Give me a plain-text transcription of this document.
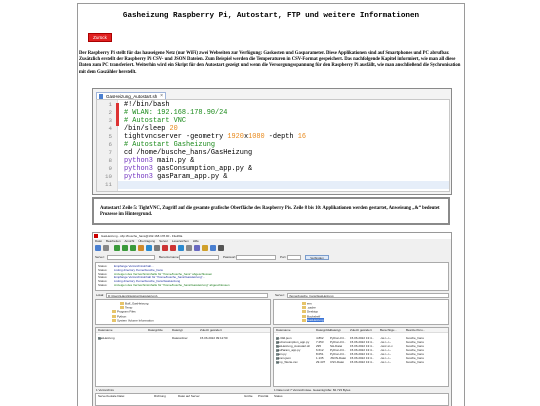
Gasheizung Raspberry Pi, Autostart, FTP und weitere Informationen
Zurück

Der Raspberry Pi stellt für das hauseigene Netz (nur WiFi) zwei Webseiten zur Verfügung: Gaskosten und Gasparameter. Diese Applikationen sind auf Smartphones und PC abrufbar. Zusätzlich erstellt der Raspberry Pi CSV- und JSON Dateien. Zum Beispiel werden die Temperaturen in CSV-Format gespeichert. Das nachfolgende Kapitel informiert, wie man all diese Daten zum PC transferiert. Weiterhin wird ein Skript für den Autostart gezeigt und wenn die Versorgungsspannung für den Raspberry Pi ausfällt, wie man anschließend die Sychronisation mit dem Gaszähler herstellt.

GasHeizung_Autostart.sh ×
1
2
3
4
5
6
7
8
9
10
11
#!/bin/bash
# WLAN: 192.168.178.90/24
# Autostart VNC
/bin/sleep 20
tightvncserver -geometry 1920x1080 -depth 16
# Autostart Gasheizung
cd /home/busche_hans/GasHeizung
python3 main.py &
python3 gasConsumption_app.py &
python3 gasParam_app.py &

Autostart! Zeile 5: TightVNC, Zugriff auf die gesamte grafische Oberfläche des Raspberry Pis. Zeile 8 bis 10: Applikationen werden gestartet, Anweisung „&“ bedeutet Prozesse im Hintergrund.

GasHeizung - sftp://busche_hans@192.168.178.90 - FileZilla
Datei Bearbeiten Ansicht Übertragung Server Lesezeichen Hilfe
Server:	Benutzername:	Passwort:	Port:	Verbinden
Status: Empfange Verzeichnisinhalt...
Status: Listing directory /home/busche_hans
Status: Anzeigen des Verzeichnisinhalts für "/home/busche_hans" abgeschlossen
Status: Empfange Verzeichnisinhalt für "/home/busche_hans/GasHeizung"...
Status: Listing directory /home/busche_hans/GasHeizung
Status: Anzeigen des Verzeichnisinhalts für "/home/busche_hans/GasHeizung" abgeschlossen
Lokal:	D:\Users\Hans\Desktop\GasHeizung\	Server:	/home/busche_hans/GasHeizung
Buff_GasHeizung
Temp
Program Files
Python
System Volume Information
env
.cache
Desktop
Bookshelf
GasHeizung
Dateiname	Dateigröße	Dateityp	Zuletzt geändert
..
GasHeizung	Dateiordner	15.06.2022 09:12:50
Dateiname	Dateigröße Dateityp	Zuletzt geändert	Berechtigu...	Besitzer/Gru...
..
gc-30d.json	4.862 Python-Fil... 15.06.2022 13:4... -rw-r--r--	busche_hans
gasConsumption_app.py 7.253 Python-Fil... 15.06.2022 13:4... -rw-r--r--	busche_hans
GasHeizung_Autostart.sh 295	SH-Datei	15.06.2022 13:4... -rwxr-xr-x	busche_hans
gasParam_app.py	6.612 Python-Fil... 15.06.2022 13:4... -rw-r--r--	busche_hans
main.py	8.051 Python-Fil... 15.06.2022 13:4... -rw-r--r--	busche_hans
param.json	1.135 JSON-Datei 15.06.2022 13:4... -rw-r--r--	busche_hans
temp_Werte.csv	29.437 CSV-Datei 15.06.2022 13:4... -rw-r--r--	busche_hans
1 Verzeichnis	1 Datei und 7 Verzeichnisse. Gesamtgröße: 82.723 Bytes
Server/Lokale Datei	Richtung	Datei auf Server	Größe Priorität Status
